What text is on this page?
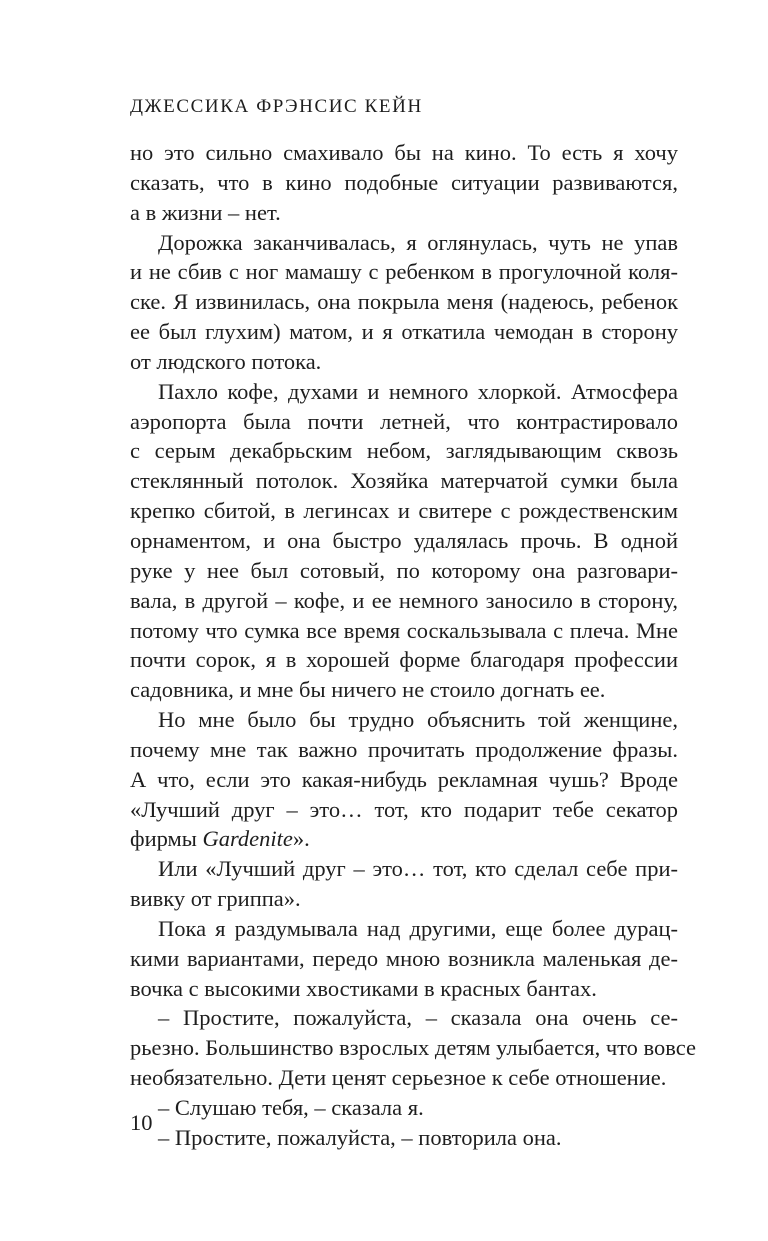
ДЖЕССИКА ФРЭНСИС КЕЙН
но это сильно смахивало бы на кино. То есть я хочу
сказать, что в кино подобные ситуации развиваются,
а в жизни – нет.
Дорожка заканчивалась, я оглянулась, чуть не упав
и не сбив с ног мамашу с ребенком в прогулочной коля-
ске. Я извинилась, она покрыла меня (надеюсь, ребенок
ее был глухим) матом, и я откатила чемодан в сторону
от людского потока.
Пахло кофе, духами и немного хлоркой. Атмосфера
аэропорта была почти летней, что контрастировало
с серым декабрьским небом, заглядывающим сквозь
стеклянный потолок. Хозяйка матерчатой сумки была
крепко сбитой, в легинсах и свитере с рождественским
орнаментом, и она быстро удалялась прочь. В одной
руке у нее был сотовый, по которому она разговари-
вала, в другой – кофе, и ее немного заносило в сторону,
потому что сумка все время соскальзывала с плеча. Мне
почти сорок, я в хорошей форме благодаря профессии
садовника, и мне бы ничего не стоило догнать ее.
Но мне было бы трудно объяснить той женщине,
почему мне так важно прочитать продолжение фразы.
А что, если это какая-нибудь рекламная чушь? Вроде
«Лучший друг – это… тот, кто подарит тебе секатор
фирмы Gardenite».
Или «Лучший друг – это… тот, кто сделал себе при-
вивку от гриппа».
Пока я раздумывала над другими, еще более дурац-
кими вариантами, передо мною возникла маленькая де-
вочка с высокими хвостиками в красных бантах.
– Простите, пожалуйста, – сказала она очень се-
рьезно. Большинство взрослых детям улыбается, что вовсе
необязательно. Дети ценят серьезное к себе отношение.
– Слушаю тебя, – сказала я.
– Простите, пожалуйста, – повторила она.
10
